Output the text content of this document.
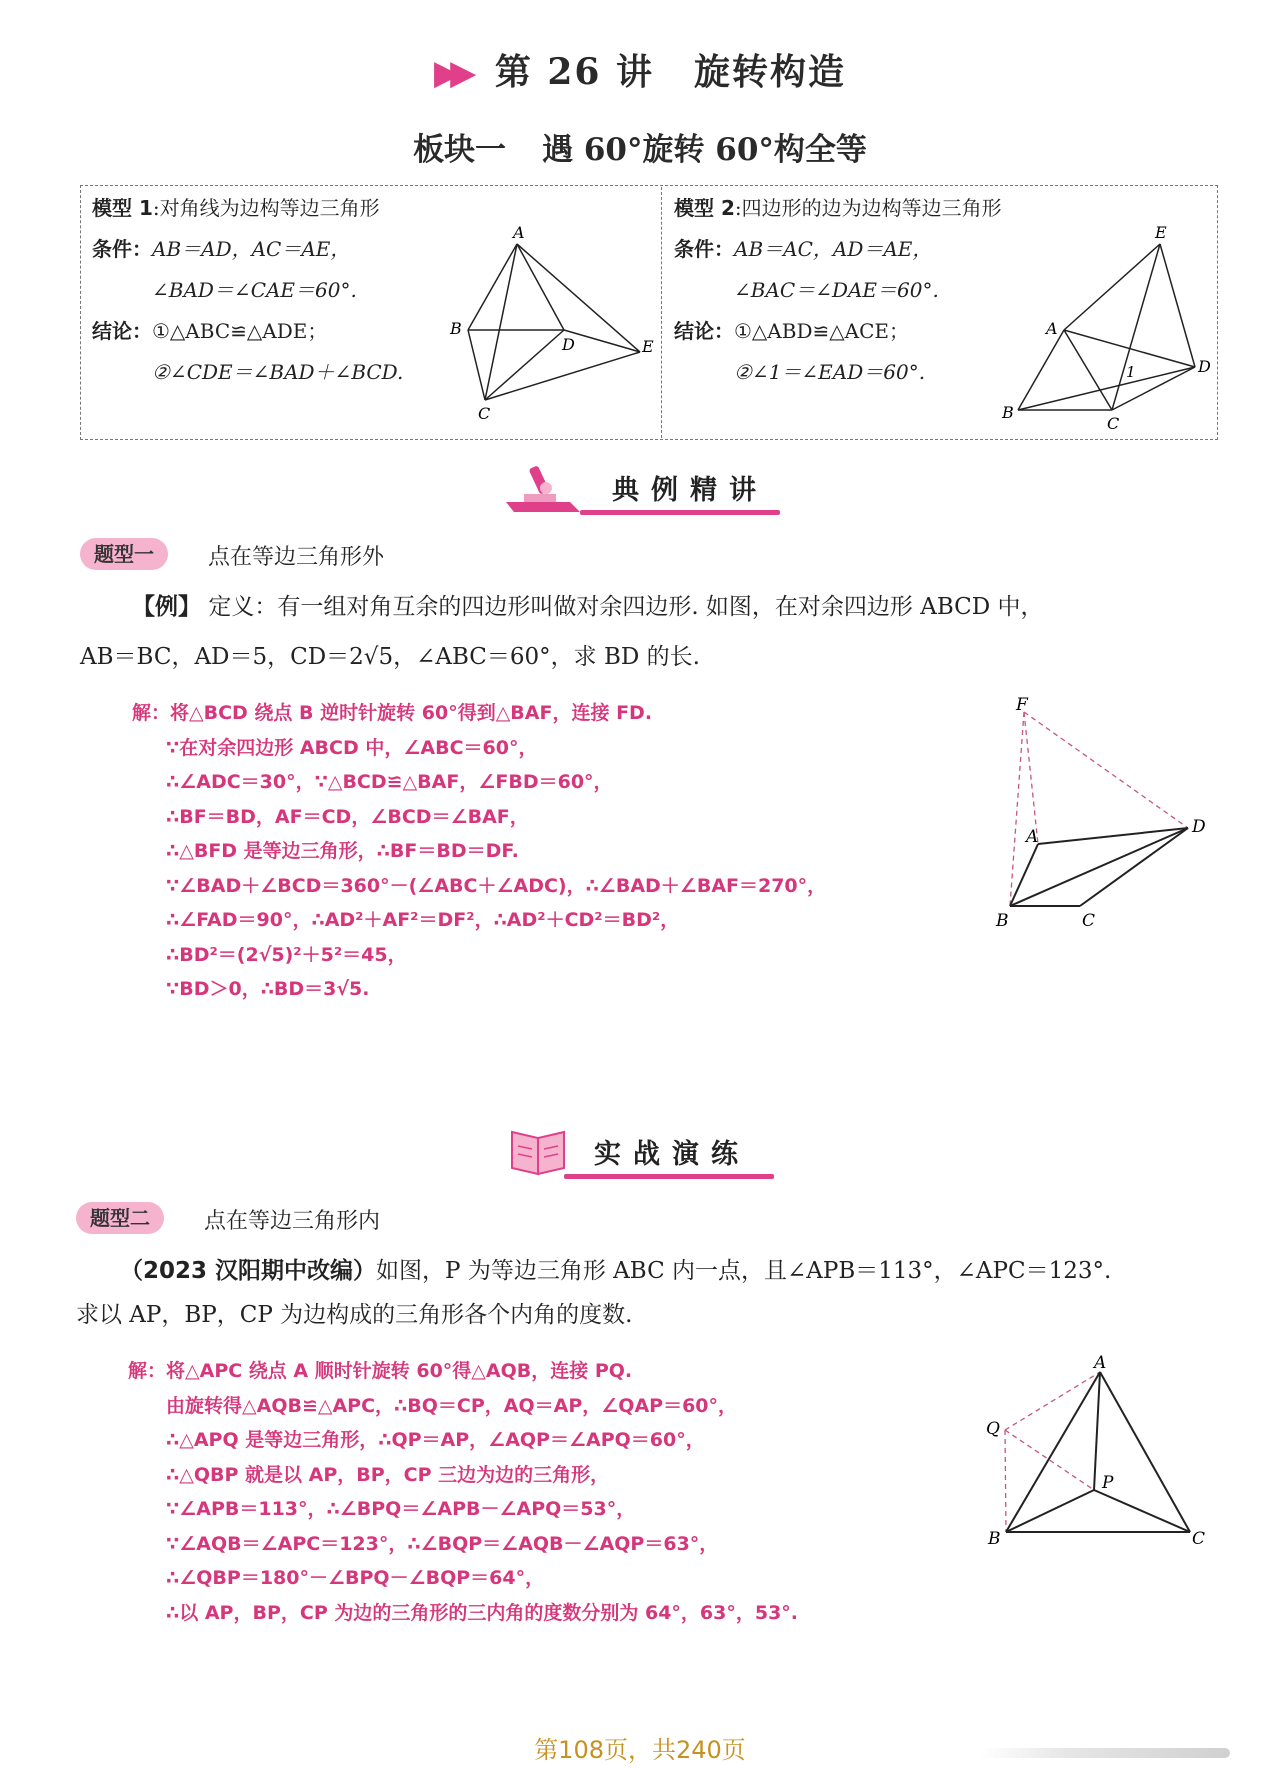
▶▶ 第 26 讲 旋转构造
板块一 遇 60°旋转 60°构全等
模型 1:对角线为边构等边三角形
条件：AB＝AD，AC＝AE，
∠BAD＝∠CAE＝60°.
结论：①△ABC≌△ADE；
②∠CDE＝∠BAD＋∠BCD.
A
B
C
D	E
模型 2:四边形的边为边构等边三角形
条件：AB＝AC，AD＝AE，
∠BAC＝∠DAE＝60°.
结论：①△ABD≌△ACE；
②∠1＝∠EAD＝60°.
E
A
B
C
D
1
典例精讲
题型一	点在等边三角形外
【例】 定义：有一组对角互余的四边形叫做对余四边形. 如图，在对余四边形 ABCD 中，
AB＝BC，AD＝5，CD＝2√5，∠ABC＝60°，求 BD 的长.
解：将△BCD 绕点 B 逆时针旋转 60°得到△BAF，连接 FD.
∵在对余四边形 ABCD 中，∠ABC＝60°，
∴∠ADC＝30°，∵△BCD≌△BAF，∠FBD＝60°，
∴BF＝BD，AF＝CD，∠BCD＝∠BAF，
∴△BFD 是等边三角形，∴BF＝BD＝DF.
∵∠BAD＋∠BCD＝360°－(∠ABC＋∠ADC)，∴∠BAD＋∠BAF＝270°，
∴∠FAD＝90°，∴AD²＋AF²＝DF²，∴AD²＋CD²＝BD²，
∴BD²＝(2√5)²＋5²＝45，
∵BD＞0，∴BD＝3√5.
F
A
B	C
D
实战演练
题型二	点在等边三角形内
（2023 汉阳期中改编）如图，P 为等边三角形 ABC 内一点，且∠APB＝113°，∠APC＝123°.
求以 AP，BP，CP 为边构成的三角形各个内角的度数.
解：将△APC 绕点 A 顺时针旋转 60°得△AQB，连接 PQ.
由旋转得△AQB≌△APC，∴BQ＝CP，AQ＝AP，∠QAP＝60°，
∴△APQ 是等边三角形，∴QP＝AP，∠AQP＝∠APQ＝60°，
∴△QBP 就是以 AP，BP，CP 三边为边的三角形，
∵∠APB＝113°，∴∠BPQ＝∠APB－∠APQ＝53°，
∵∠AQB＝∠APC＝123°，∴∠BQP＝∠AQB－∠AQP＝63°，
∴∠QBP＝180°－∠BPQ－∠BQP＝64°，
∴以 AP，BP，CP 为边的三角形的三内角的度数分别为 64°，63°，53°.
A
Q
P
B	C
第108页，共240页
